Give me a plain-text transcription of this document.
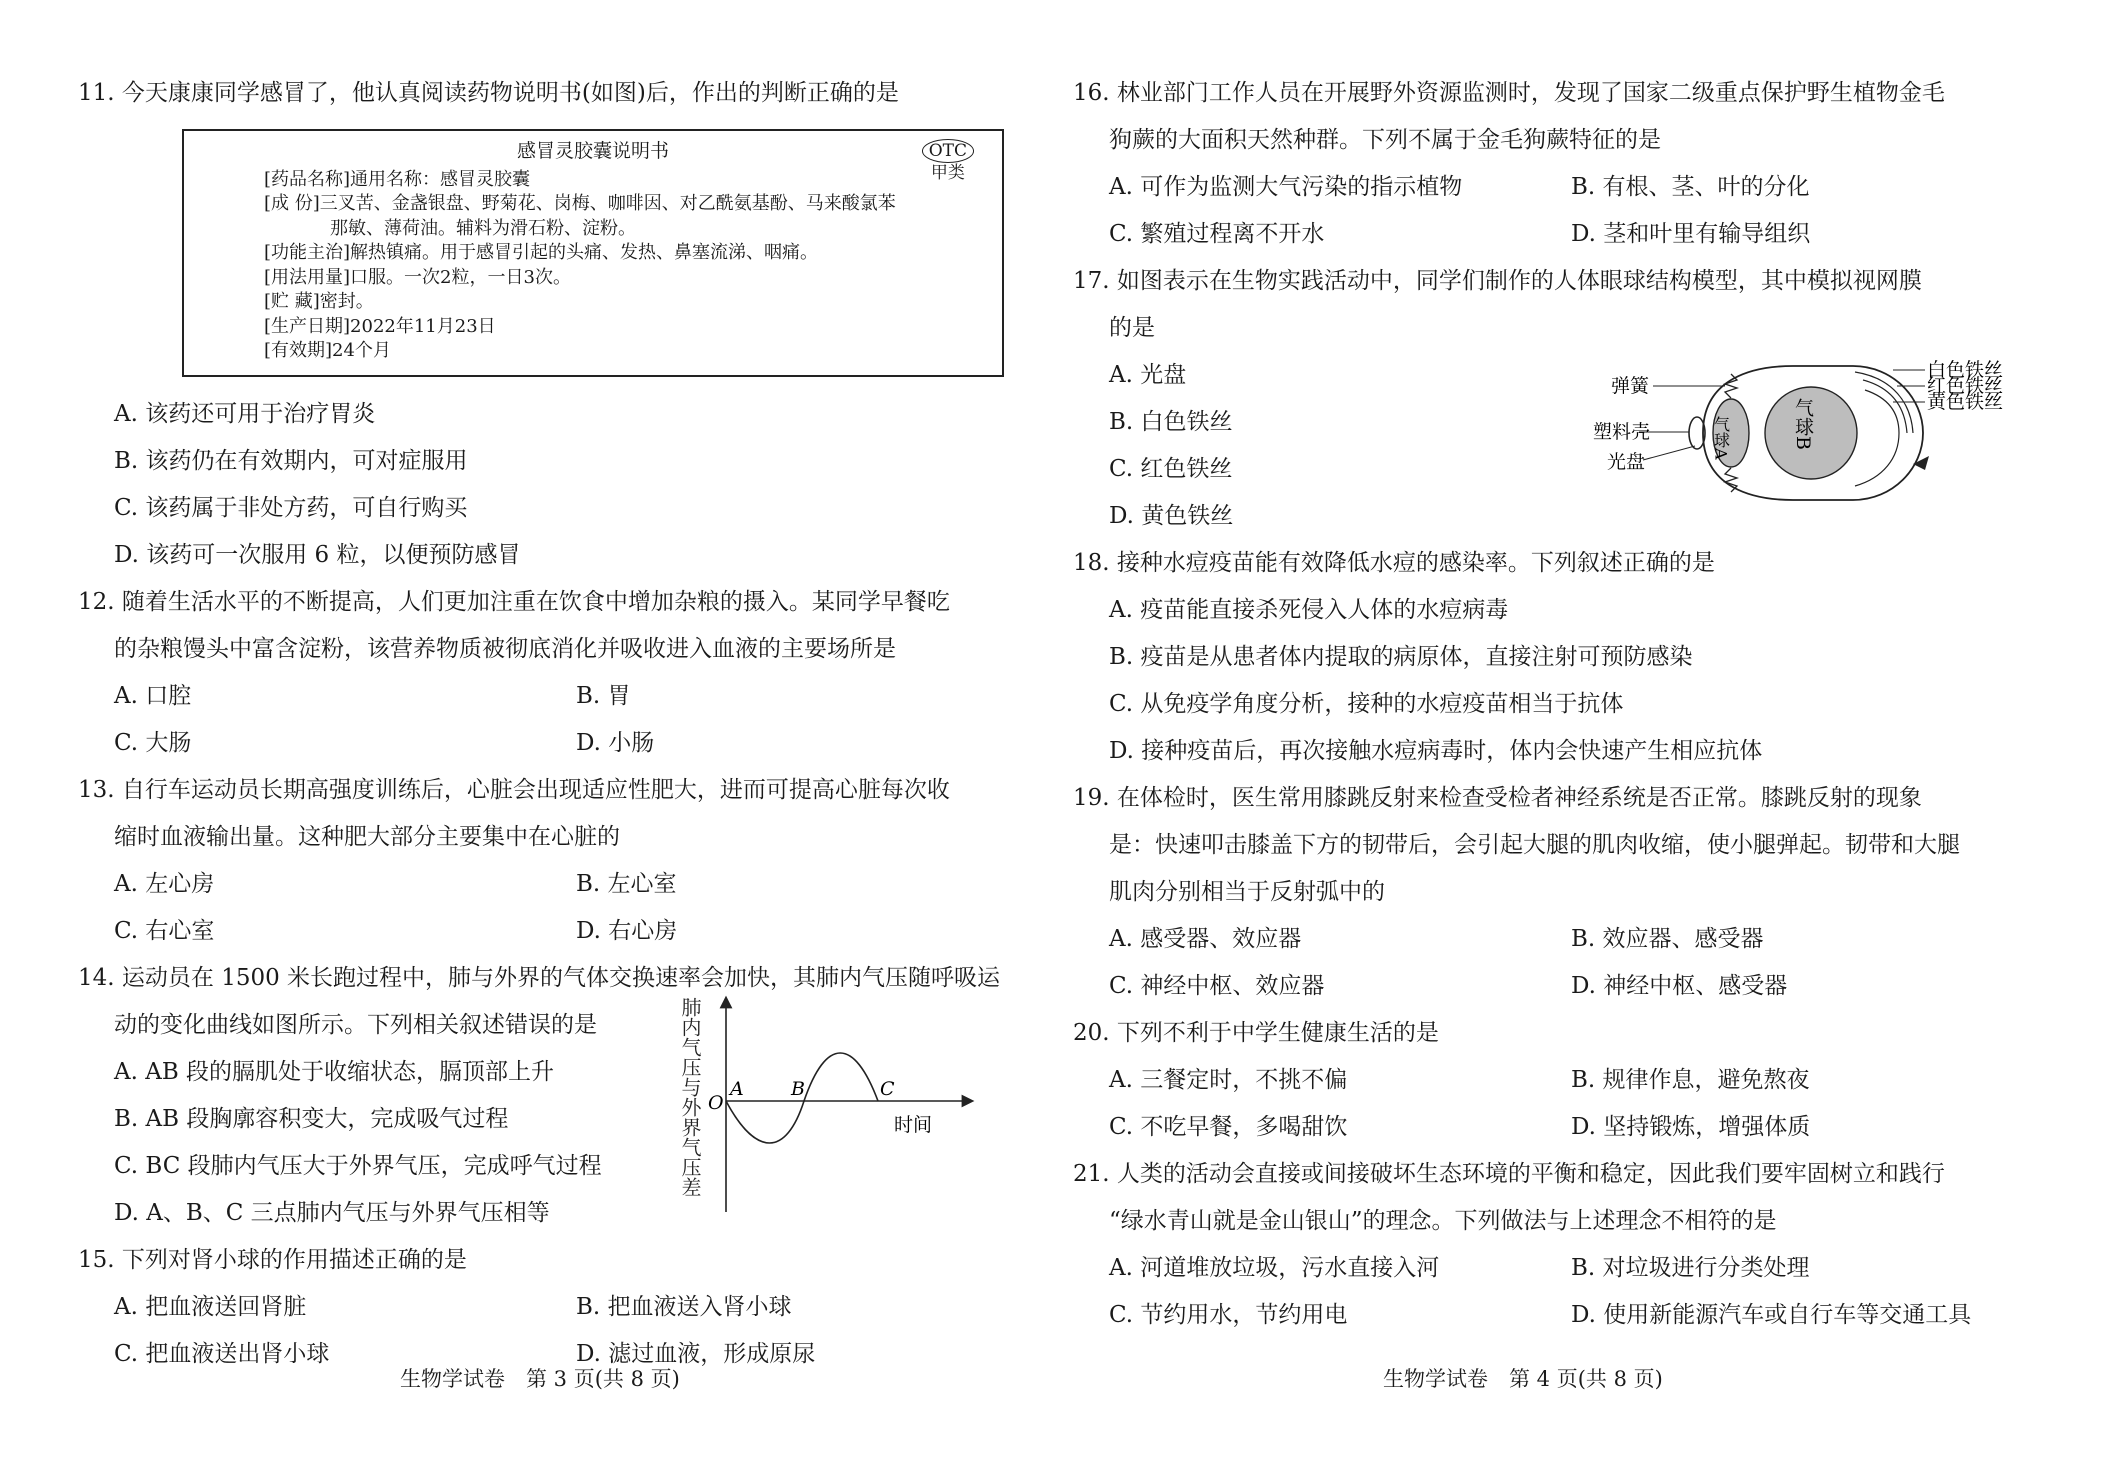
11. 今天康康同学感冒了，他认真阅读药物说明书(如图)后，作出的判断正确的是

感冒灵胶囊说明书	OTC
甲类
[药品名称]通用名称：感冒灵胶囊
[成 份]三叉苦、金盏银盘、野菊花、岗梅、咖啡因、对乙酰氨基酚、马来酸氯苯
那敏、薄荷油。辅料为滑石粉、淀粉。
[功能主治]解热镇痛。用于感冒引起的头痛、发热、鼻塞流涕、咽痛。
[用法用量]口服。一次2粒，一日3次。
[贮 藏]密封。
[生产日期]2022年11月23日
[有效期]24个月
A. 该药还可用于治疗胃炎
B. 该药仍在有效期内，可对症服用
C. 该药属于非处方药，可自行购买
D. 该药可一次服用 6 粒，以便预防感冒

12. 随着生活水平的不断提高，人们更加注重在饮食中增加杂粮的摄入。某同学早餐吃
的杂粮馒头中富含淀粉，该营养物质被彻底消化并吸收进入血液的主要场所是

A. 口腔	B. 胃
C. 大肠	D. 小肠

13. 自行车运动员长期高强度训练后，心脏会出现适应性肥大，进而可提高心脏每次收
缩时血液输出量。这种肥大部分主要集中在心脏的

A. 左心房	B. 左心室
C. 右心室	D. 右心房

14. 运动员在 1500 米长跑过程中，肺与外界的气体交换速率会加快，其肺内气压随呼吸运
动的变化曲线如图所示。下列相关叙述错误的是

A. AB 段的膈肌处于收缩状态，膈顶部上升
B. AB 段胸廓容积变大，完成吸气过程
C. BC 段肺内气压大于外界气压，完成呼气过程
D. A、B、C 三点肺内气压与外界气压相等
肺内气压与外界气压差 O
A B	C
时间

15. 下列对肾小球的作用描述正确的是

A. 把血液送回肾脏	B. 把血液送入肾小球
C. 把血液送出肾小球	D. 滤过血液，形成原尿

16. 林业部门工作人员在开展野外资源监测时，发现了国家二级重点保护野生植物金毛
狗蕨的大面积天然种群。下列不属于金毛狗蕨特征的是

A. 可作为监测大气污染的指示植物	B. 有根、茎、叶的分化
C. 繁殖过程离不开水	D. 茎和叶里有输导组织

17. 如图表示在生物实践活动中，同学们制作的人体眼球结构模型，其中模拟视网膜
的是

A. 光盘
B. 白色铁丝
C. 红色铁丝
D. 黄色铁丝
弹簧
塑料壳
光盘
气球A	气球B
白色铁丝
红色铁丝
黄色铁丝

18. 接种水痘疫苗能有效降低水痘的感染率。下列叙述正确的是

A. 疫苗能直接杀死侵入人体的水痘病毒
B. 疫苗是从患者体内提取的病原体，直接注射可预防感染
C. 从免疫学角度分析，接种的水痘疫苗相当于抗体
D. 接种疫苗后，再次接触水痘病毒时，体内会快速产生相应抗体

19. 在体检时，医生常用膝跳反射来检查受检者神经系统是否正常。膝跳反射的现象
是：快速叩击膝盖下方的韧带后，会引起大腿的肌肉收缩，使小腿弹起。韧带和大腿
肌肉分别相当于反射弧中的

A. 感受器、效应器	B. 效应器、感受器
C. 神经中枢、效应器	D. 神经中枢、感受器

20. 下列不利于中学生健康生活的是

A. 三餐定时，不挑不偏	B. 规律作息，避免熬夜
C. 不吃早餐，多喝甜饮	D. 坚持锻炼，增强体质

21. 人类的活动会直接或间接破坏生态环境的平衡和稳定，因此我们要牢固树立和践行
“绿水青山就是金山银山”的理念。下列做法与上述理念不相符的是

A. 河道堆放垃圾，污水直接入河	B. 对垃圾进行分类处理
C. 节约用水，节约用电	D. 使用新能源汽车或自行车等交通工具
生物学试卷　第 3 页(共 8 页)	生物学试卷　第 4 页(共 8 页)
